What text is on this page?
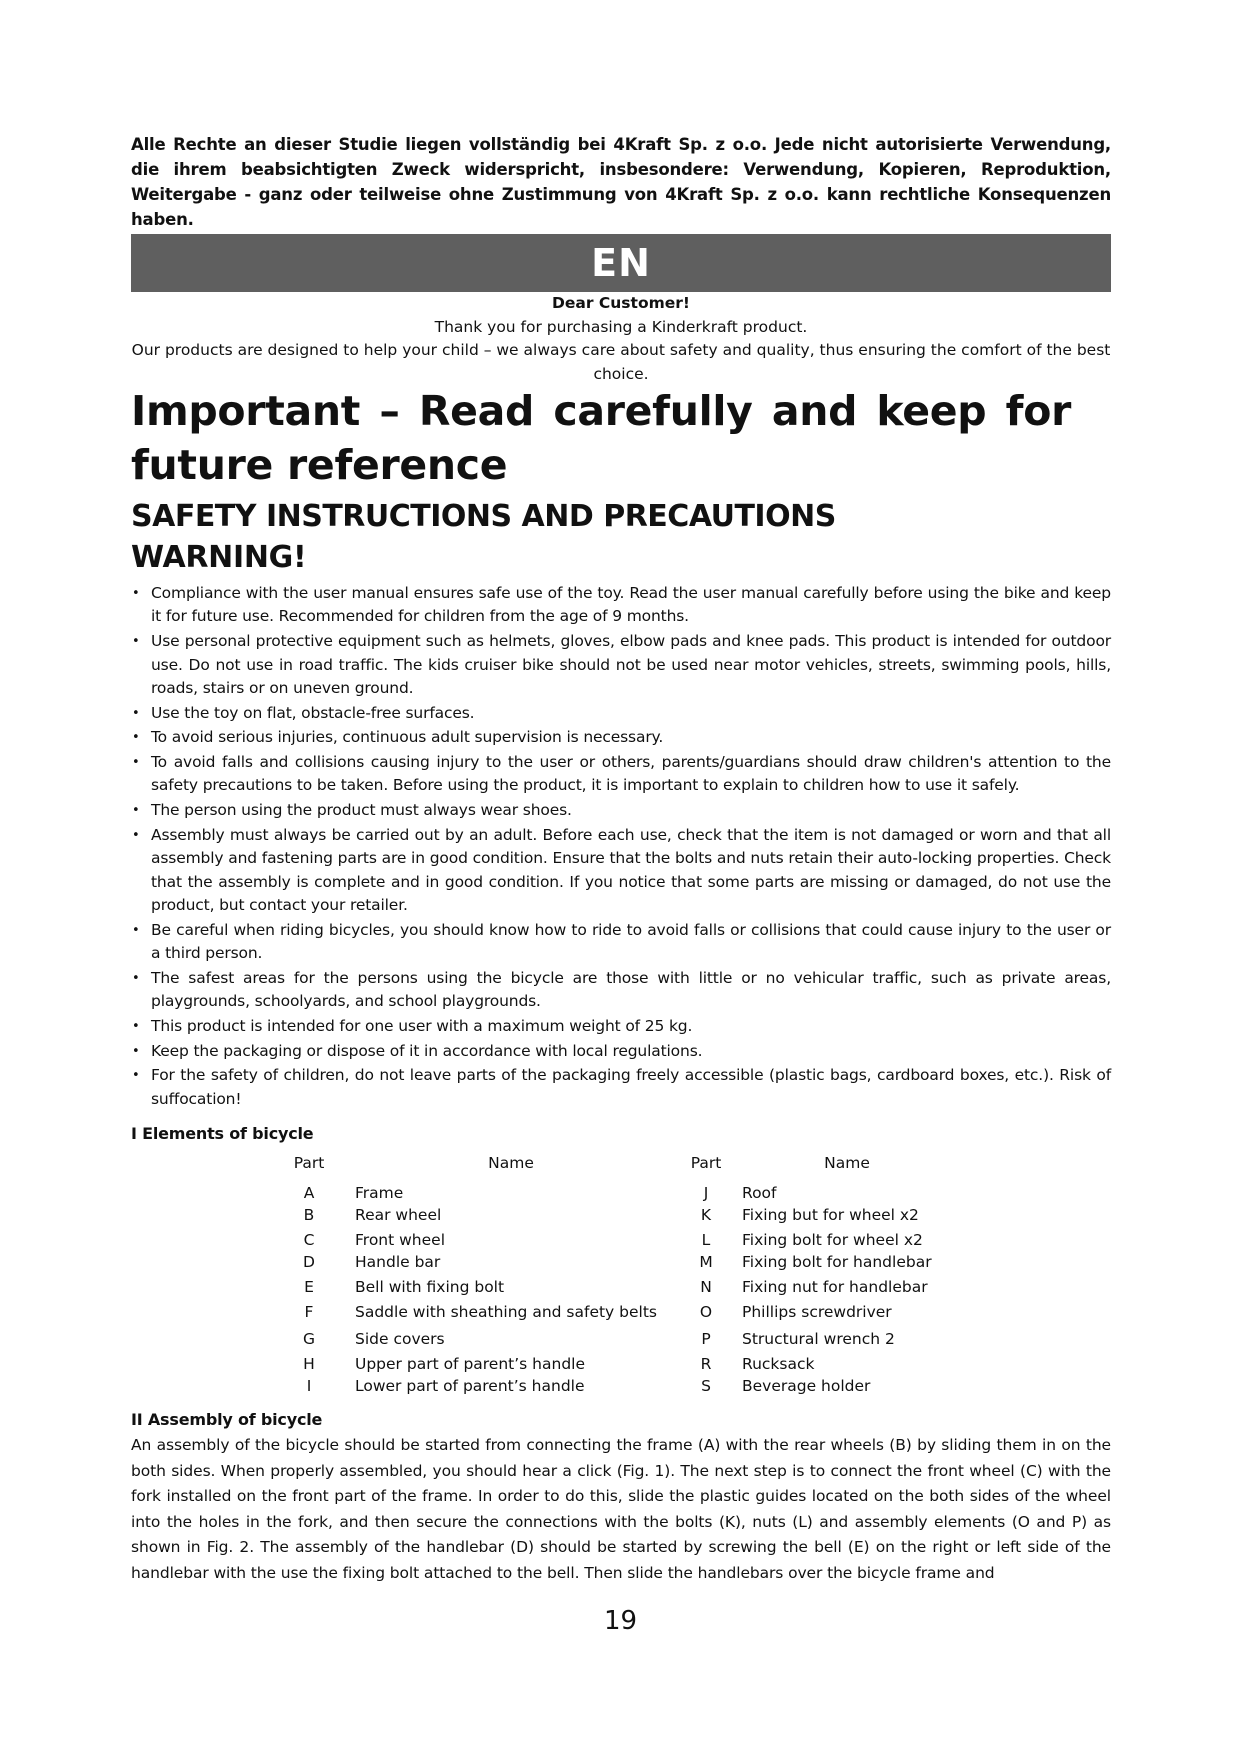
Alle Rechte an dieser Studie liegen vollständig bei 4Kraft Sp. z o.o. Jede nicht autorisierte Verwendung, die ihrem beabsichtigten Zweck widerspricht, insbesondere: Verwendung, Kopieren, Reproduktion, Weitergabe - ganz oder teilweise ohne Zustimmung von 4Kraft Sp. z o.o. kann rechtliche Konsequenzen haben.
EN
Dear Customer!
Thank you for purchasing a Kinderkraft product.
Our products are designed to help your child – we always care about safety and quality, thus ensuring the comfort of the best choice.
Important – Read carefully and keep for future reference
SAFETY INSTRUCTIONS AND PRECAUTIONS
WARNING!
• Compliance with the user manual ensures safe use of the toy. Read the user manual carefully before using the bike and keep it for future use. Recommended for children from the age of 9 months.
• Use personal protective equipment such as helmets, gloves, elbow pads and knee pads. This product is intended for outdoor use. Do not use in road traffic. The kids cruiser bike should not be used near motor vehicles, streets, swimming pools, hills, roads, stairs or on uneven ground.
• Use the toy on flat, obstacle-free surfaces.
• To avoid serious injuries, continuous adult supervision is necessary.
• To avoid falls and collisions causing injury to the user or others, parents/guardians should draw children's attention to the safety precautions to be taken. Before using the product, it is important to explain to children how to use it safely.
• The person using the product must always wear shoes.
• Assembly must always be carried out by an adult. Before each use, check that the item is not damaged or worn and that all assembly and fastening parts are in good condition. Ensure that the bolts and nuts retain their auto-locking properties. Check that the assembly is complete and in good condition. If you notice that some parts are missing or damaged, do not use the product, but contact your retailer.
• Be careful when riding bicycles, you should know how to ride to avoid falls or collisions that could cause injury to the user or a third person.
• The safest areas for the persons using the bicycle are those with little or no vehicular traffic, such as private areas, playgrounds, schoolyards, and school playgrounds.
• This product is intended for one user with a maximum weight of 25 kg.
• Keep the packaging or dispose of it in accordance with local regulations.
• For the safety of children, do not leave parts of the packaging freely accessible (plastic bags, cardboard boxes, etc.). Risk of suffocation!
I Elements of bicycle
Part	Name	Part	Name
A	Frame	J	Roof
B	Rear wheel	K	Fixing but for wheel x2
C	Front wheel	L	Fixing bolt for wheel x2
D	Handle bar	M	Fixing bolt for handlebar
E	Bell with fixing bolt	N	Fixing nut for handlebar
F	Saddle with sheathing and safety belts	O	Phillips screwdriver
G	Side covers	P	Structural wrench 2
H	Upper part of parent’s handle	R	Rucksack
I	Lower part of parent’s handle	S	Beverage holder
II Assembly of bicycle

An assembly of the bicycle should be started from connecting the frame (A) with the rear wheels (B) by sliding them in on the both sides. When properly assembled, you should hear a click (Fig. 1). The next step is to connect the front wheel (C) with the fork installed on the front part of the frame. In order to do this, slide the plastic guides located on the both sides of the wheel into the holes in the fork, and then secure the connections with the bolts (K), nuts (L) and assembly elements (O and P) as shown in Fig. 2. The assembly of the handlebar (D) should be started by screwing the bell (E) on the right or left side of the handlebar with the use the fixing bolt attached to the bell. Then slide the handlebars over the bicycle frame and

19
